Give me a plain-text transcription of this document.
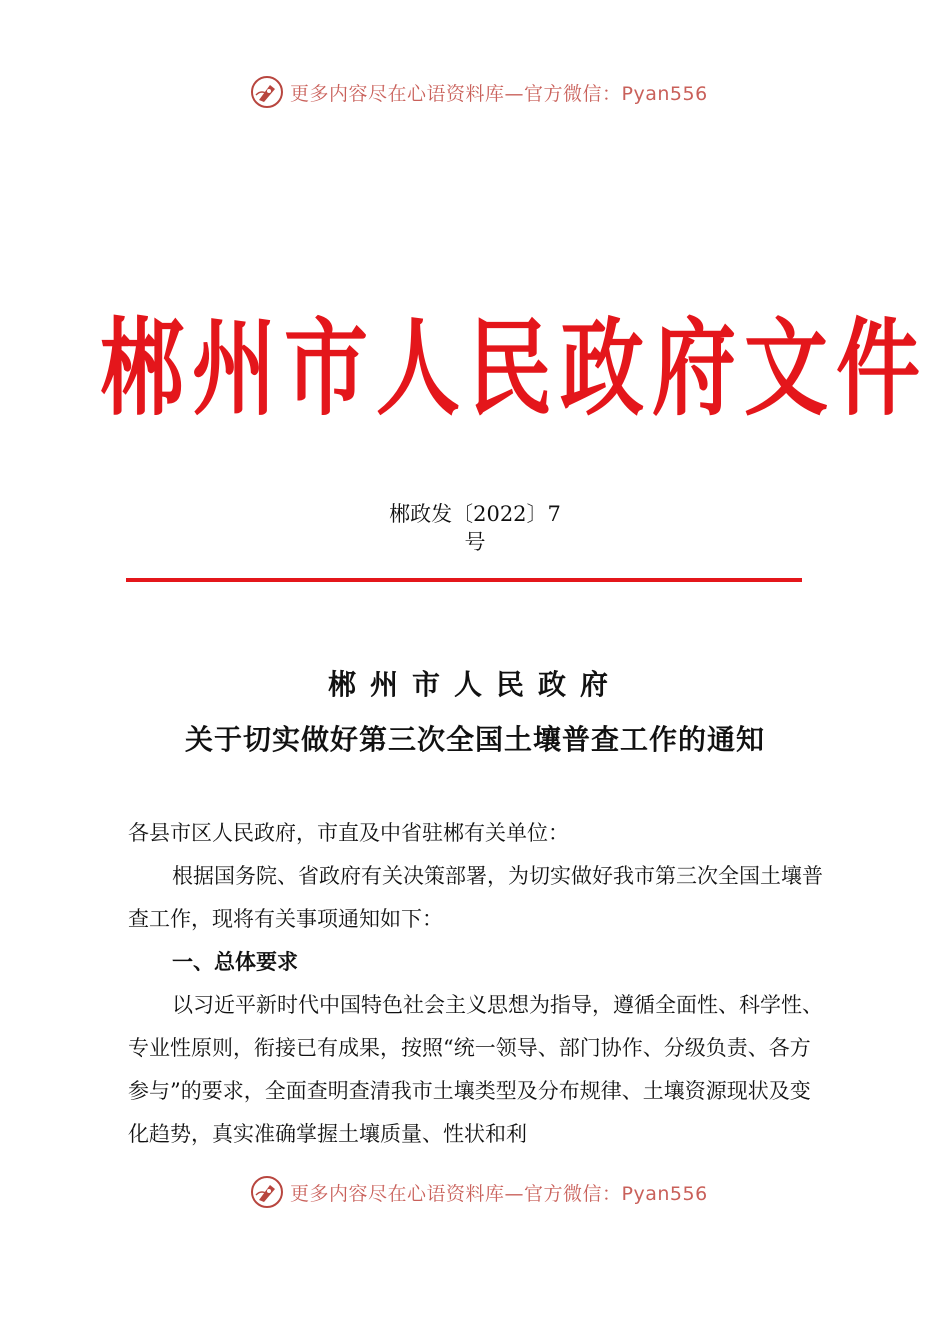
更多内容尽在心语资料库—官方微信：Pyan556
郴州市人民政府文件
郴政发〔2022〕7
号
郴州市人民政府
关于切实做好第三次全国土壤普查工作的通知

各县市区人民政府，市直及中省驻郴有关单位：

根据国务院、省政府有关决策部署，为切实做好我市第三次全国土壤普查工作，现将有关事项通知如下：

一、总体要求

以习近平新时代中国特色社会主义思想为指导，遵循全面性、科学性、专业性原则，衔接已有成果，按照“统一领导、部门协作、分级负责、各方参与”的要求，全面查明查清我市土壤类型及分布规律、土壤资源现状及变化趋势，真实准确掌握土壤质量、性状和利

更多内容尽在心语资料库—官方微信：Pyan556
